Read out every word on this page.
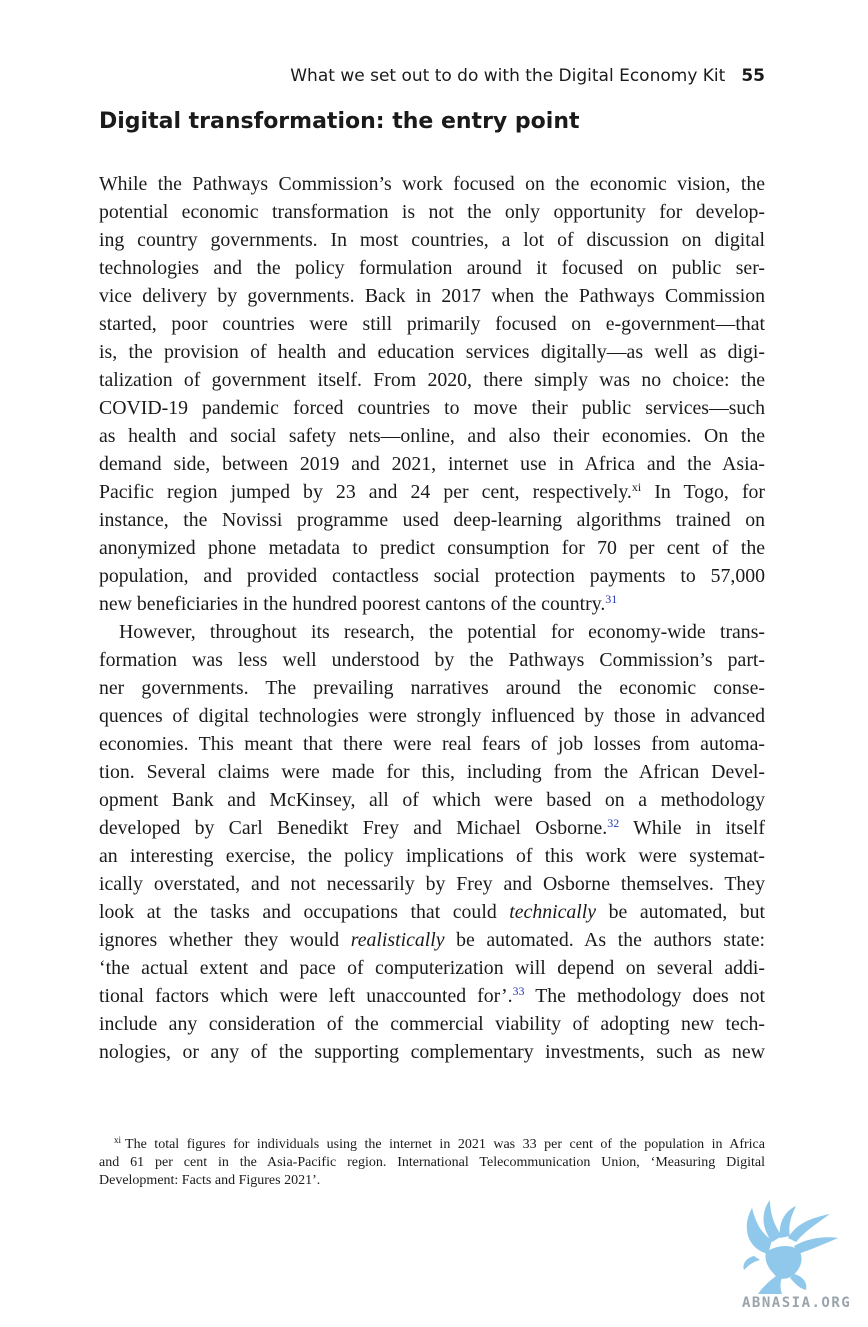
What we set out to do with the Digital Economy Kit 55
Digital transformation: the entry point
While the Pathways Commission’s work focused on the economic vision, the
potential economic transformation is not the only opportunity for develop-
ing country governments. In most countries, a lot of discussion on digital
technologies and the policy formulation around it focused on public ser-
vice delivery by governments. Back in 2017 when the Pathways Commission
started, poor countries were still primarily focused on e-government—that
is, the provision of health and education services digitally—as well as digi-
talization of government itself. From 2020, there simply was no choice: the
COVID-19 pandemic forced countries to move their public services—such
as health and social safety nets—online, and also their economies. On the
demand side, between 2019 and 2021, internet use in Africa and the Asia-
Pacific region jumped by 23 and 24 per cent, respectively.$^{xi}$ In Togo, for
instance, the Novissi programme used deep-learning algorithms trained on
anonymized phone metadata to predict consumption for 70 per cent of the
population, and provided contactless social protection payments to 57,000
new beneficiaries in the hundred poorest cantons of the country.$^{31}$
However, throughout its research, the potential for economy-wide trans-
formation was less well understood by the Pathways Commission’s part-
ner governments. The prevailing narratives around the economic conse-
quences of digital technologies were strongly influenced by those in advanced
economies. This meant that there were real fears of job losses from automa-
tion. Several claims were made for this, including from the African Devel-
opment Bank and McKinsey, all of which were based on a methodology
developed by Carl Benedikt Frey and Michael Osborne.$^{32}$ While in itself
an interesting exercise, the policy implications of this work were systemat-
ically overstated, and not necessarily by Frey and Osborne themselves. They
look at the tasks and occupations that could technically be automated, but
ignores whether they would realistically be automated. As the authors state:
‘the actual extent and pace of computerization will depend on several addi-
tional factors which were left unaccounted for’.$^{33}$ The methodology does not
include any consideration of the commercial viability of adopting new tech-
nologies, or any of the supporting complementary investments, such as new
$^{xi}$ The total figures for individuals using the internet in 2021 was 33 per cent of the population in Africa
and 61 per cent in the Asia-Pacific region. International Telecommunication Union, ‘Measuring Digital
Development: Facts and Figures 2021’.
ABNASIA.ORG
